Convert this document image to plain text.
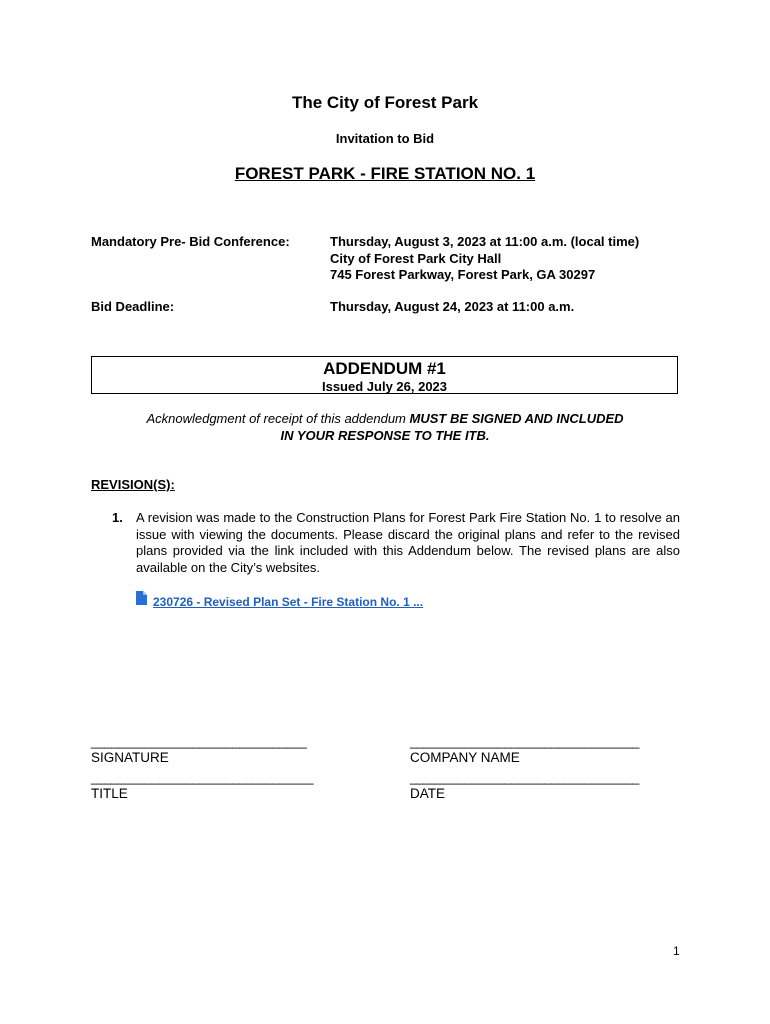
The City of Forest Park
Invitation to Bid
FOREST PARK - FIRE STATION NO. 1
Mandatory Pre- Bid Conference:	Thursday, August 3, 2023 at 11:00 a.m. (local time)
City of Forest Park City Hall
745 Forest Parkway, Forest Park, GA 30297
Bid Deadline:	Thursday, August 24, 2023 at 11:00 a.m.
ADDENDUM #1
Issued July 26, 2023
Acknowledgment of receipt of this addendum MUST BE SIGNED AND INCLUDED
IN YOUR RESPONSE TO THE ITB.
REVISION(S):
1. A revision was made to the Construction Plans for Forest Park Fire Station No. 1 to resolve an issue with viewing the documents. Please discard the original plans and refer to the revised plans provided via the link included with this Addendum below. The revised plans are also available on the City’s websites.
230726 - Revised Plan Set - Fire Station No. 1 ...
________________________________	__________________________________
SIGNATURE	COMPANY NAME
_________________________________	__________________________________
TITLE	DATE
1
